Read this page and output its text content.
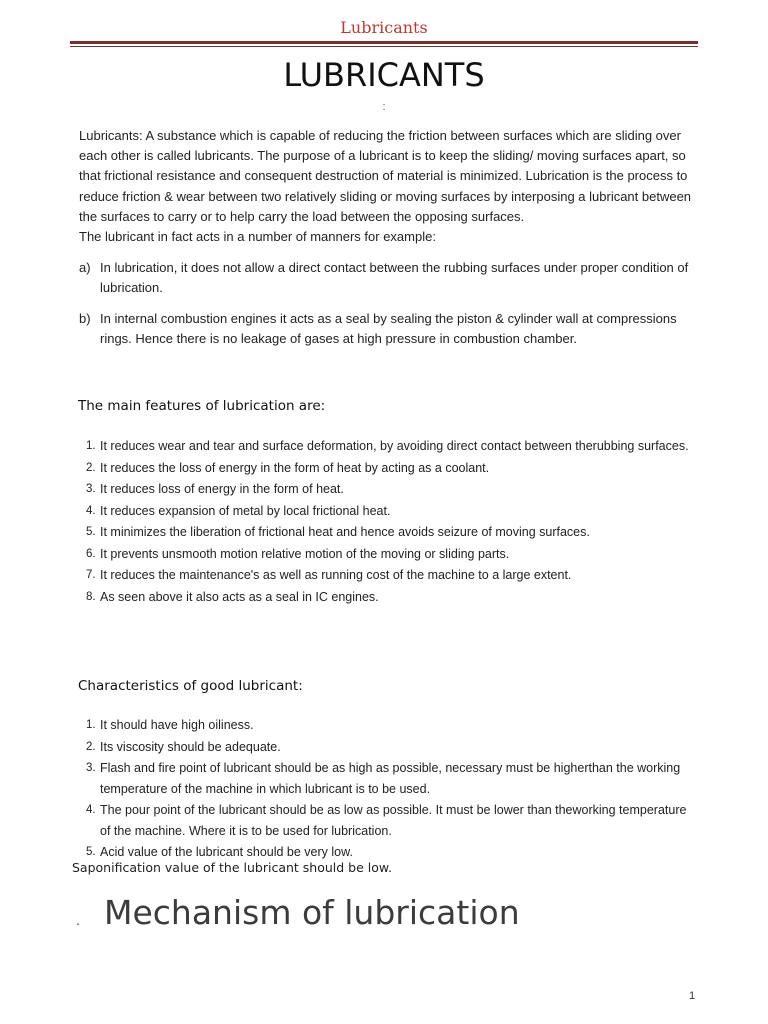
Lubricants
LUBRICANTS
:

Lubricants: A substance which is capable of reducing the friction between surfaces which are sliding over each other is called lubricants. The purpose of a lubricant is to keep the sliding/ moving surfaces apart, so that frictional resistance and consequent destruction of material is minimized. Lubrication is the process to reduce friction & wear between two relatively sliding or moving surfaces by interposing a lubricant between the surfaces to carry or to help carry the load between the opposing surfaces.

The lubricant in fact acts in a number of manners for example:

a) In lubrication, it does not allow a direct contact between the rubbing surfaces under proper condition of lubrication.
b) In internal combustion engines it acts as a seal by sealing the piston & cylinder wall at compressions rings. Hence there is no leakage of gases at high pressure in combustion chamber.
The main features of lubrication are:
1. It reduces wear and tear and surface deformation, by avoiding direct contact between therubbing surfaces.
2. It reduces the loss of energy in the form of heat by acting as a coolant.
3. It reduces loss of energy in the form of heat.
4. It reduces expansion of metal by local frictional heat.
5. It minimizes the liberation of frictional heat and hence avoids seizure of moving surfaces.
6. It prevents unsmooth motion relative motion of the moving or sliding parts.
7. It reduces the maintenance's as well as running cost of the machine to a large extent.
8. As seen above it also acts as a seal in IC engines.
Characteristics of good lubricant:
1. It should have high oiliness.
2. Its viscosity should be adequate.
3. Flash and fire point of lubricant should be as high as possible, necessary must be higherthan the working temperature of the machine in which lubricant is to be used.
4. The pour point of the lubricant should be as low as possible. It must be lower than theworking temperature of the machine. Where it is to be used for lubrication.
5. Acid value of the lubricant should be very low.
Saponification value of the lubricant should be low.
. Mechanism of lubrication
1
